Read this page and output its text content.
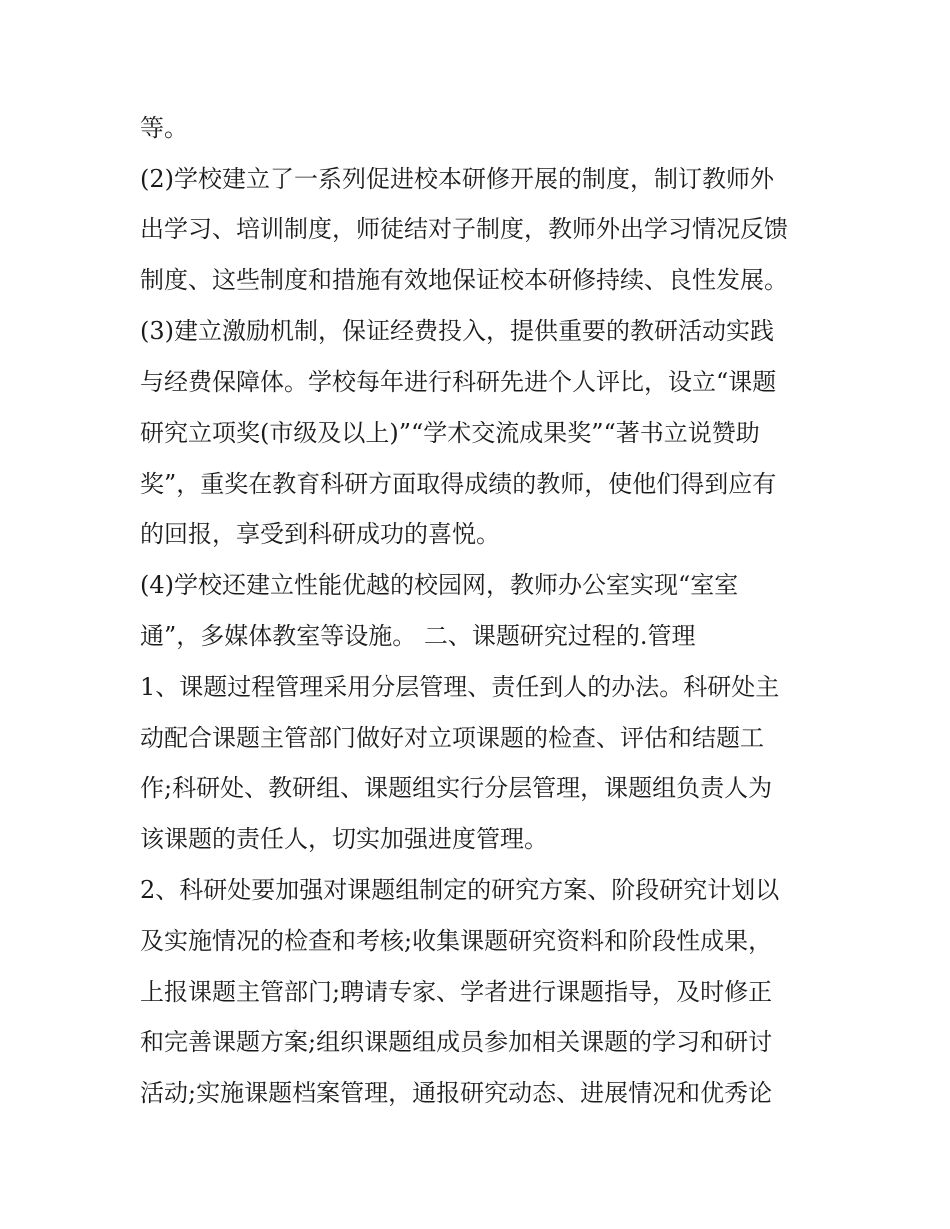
等。

(2)学校建立了一系列促进校本研修开展的制度，制订教师外

出学习、培训制度，师徒结对子制度，教师外出学习情况反馈

制度、这些制度和措施有效地保证校本研修持续、良性发展。

(3)建立激励机制，保证经费投入，提供重要的教研活动实践

与经费保障体。学校每年进行科研先进个人评比，设立“课题

研究立项奖(市级及以上)”“学术交流成果奖”“著书立说赞助

奖”，重奖在教育科研方面取得成绩的教师，使他们得到应有

的回报，享受到科研成功的喜悦。

(4)学校还建立性能优越的校园网，教师办公室实现“室室

通”，多媒体教室等设施。 二、课题研究过程的.管理

1、课题过程管理采用分层管理、责任到人的办法。科研处主

动配合课题主管部门做好对立项课题的检查、评估和结题工

作;科研处、教研组、课题组实行分层管理，课题组负责人为

该课题的责任人，切实加强进度管理。

2、科研处要加强对课题组制定的研究方案、阶段研究计划以

及实施情况的检查和考核;收集课题研究资料和阶段性成果，

上报课题主管部门;聘请专家、学者进行课题指导，及时修正

和完善课题方案;组织课题组成员参加相关课题的学习和研讨

活动;实施课题档案管理，通报研究动态、进展情况和优秀论
